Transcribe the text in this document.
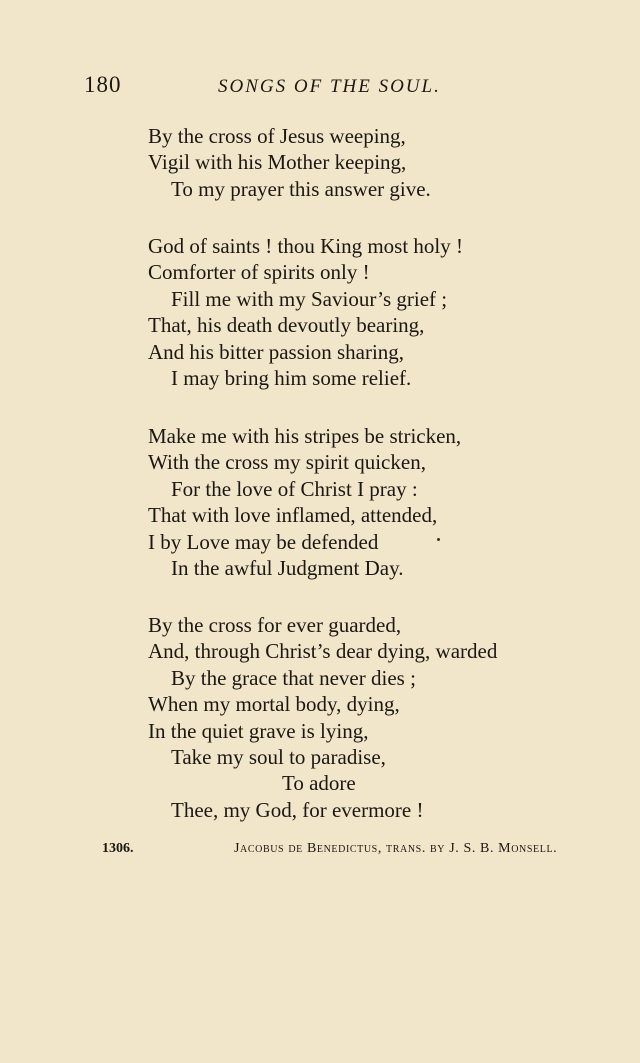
180	SONGS OF THE SOUL.
By the cross of Jesus weeping,
Vigil with his Mother keeping,
To my prayer this answer give.
God of saints ! thou King most holy !
Comforter of spirits only !
Fill me with my Saviour’s grief ;
That, his death devoutly bearing,
And his bitter passion sharing,
I may bring him some relief.
Make me with his stripes be stricken,
With the cross my spirit quicken,
For the love of Christ I pray :
That with love inflamed, attended,
I by Love may be defended
In the awful Judgment Day.
By the cross for ever guarded,
And, through Christ’s dear dying, warded
By the grace that never dies ;
When my mortal body, dying,
In the quiet grave is lying,
Take my soul to paradise,
To adore
Thee, my God, for evermore !
1306.	Jacobus de Benedictus, trans. by J. S. B. Monsell.
